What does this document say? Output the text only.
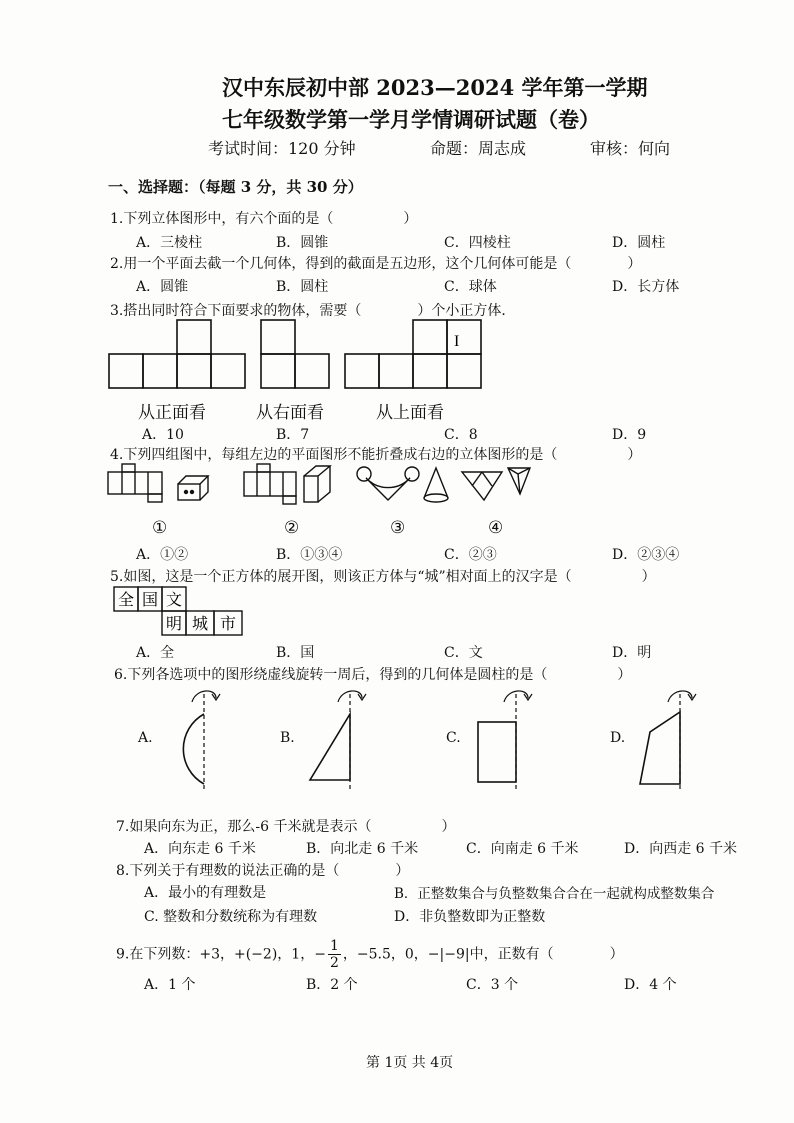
汉中东辰初中部 2023—2024 学年第一学期
七年级数学第一学月学情调研试题（卷）
考试时间：120 分钟	命题：周志成	审核：何向
一、选择题：（每题 3 分，共 30 分）
1.下列立体图形中，有六个面的是（　　　　　）
A．三棱柱	B．圆锥	C．四棱柱	D．圆柱
2.用一个平面去截一个几何体，得到的截面是五边形，这个几何体可能是（　　　　）
A．圆锥	B．圆柱	C．球体	D．长方体
3.搭出同时符合下面要求的物体，需要（　　　　）个小正方体．
I
从正面看	从右面看	从上面看
A．10	B．7	C．8	D．9
4.下列四组图中，每组左边的平面图形不能折叠成右边的立体图形的是（　　　　　）
①	②	③	④
A．①②	B．①③④	C．②③	D．②③④
5.如图，这是一个正方体的展开图，则该正方体与“城”相对面上的汉字是（　　　　　）
全 国 文
明 城 市
A．全	B．国	C．文	D．明
6.下列各选项中的图形绕虚线旋转一周后，得到的几何体是圆柱的是（　　　　　）
A.	B.	C.	D.
7.如果向东为正，那么-6 千米就是表示（　　　　　）
A．向东走 6 千米	B．向北走 6 千米	C．向南走 6 千米	D．向西走 6 千米
8.下列关于有理数的说法正确的是（　　　　）
A．最小的有理数是	B．正整数集合与负整数集合合在一起就构成整数集合
C. 整数和分数统称为有理数	D．非负整数即为正整数
9.在下列数：+3，+(−2)，1，− $\frac{1}{2}$ ，−5.5，0，−|−9|中，正数有（　　　　）
A．1 个	B．2 个	C．3 个	D．4 个
第 1页 共 4页
